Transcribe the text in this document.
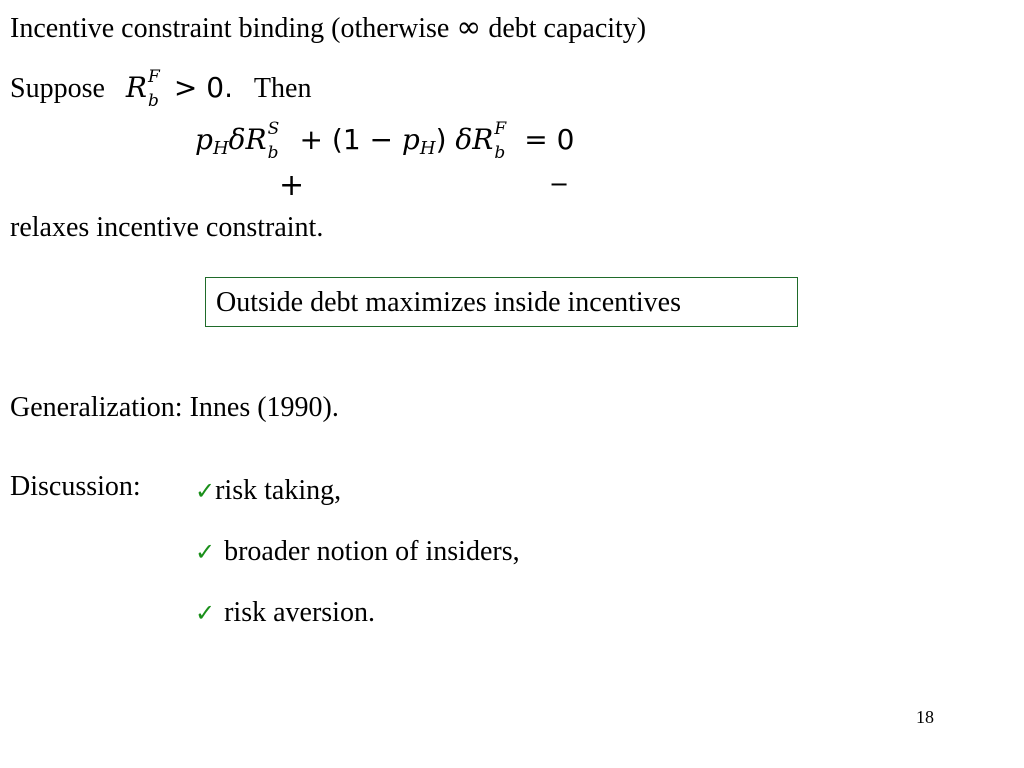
Incentive constraint binding (otherwise ∞ debt capacity)
Suppose R F
b > 0. Then
pHδR S
b + (1 − pH) δR F
b = 0
+	−
relaxes incentive constraint.
Outside debt maximizes inside incentives
Generalization: Innes (1990).
Discussion: ✓risk taking,
✓ broader notion of insiders,
✓ risk aversion.
18
